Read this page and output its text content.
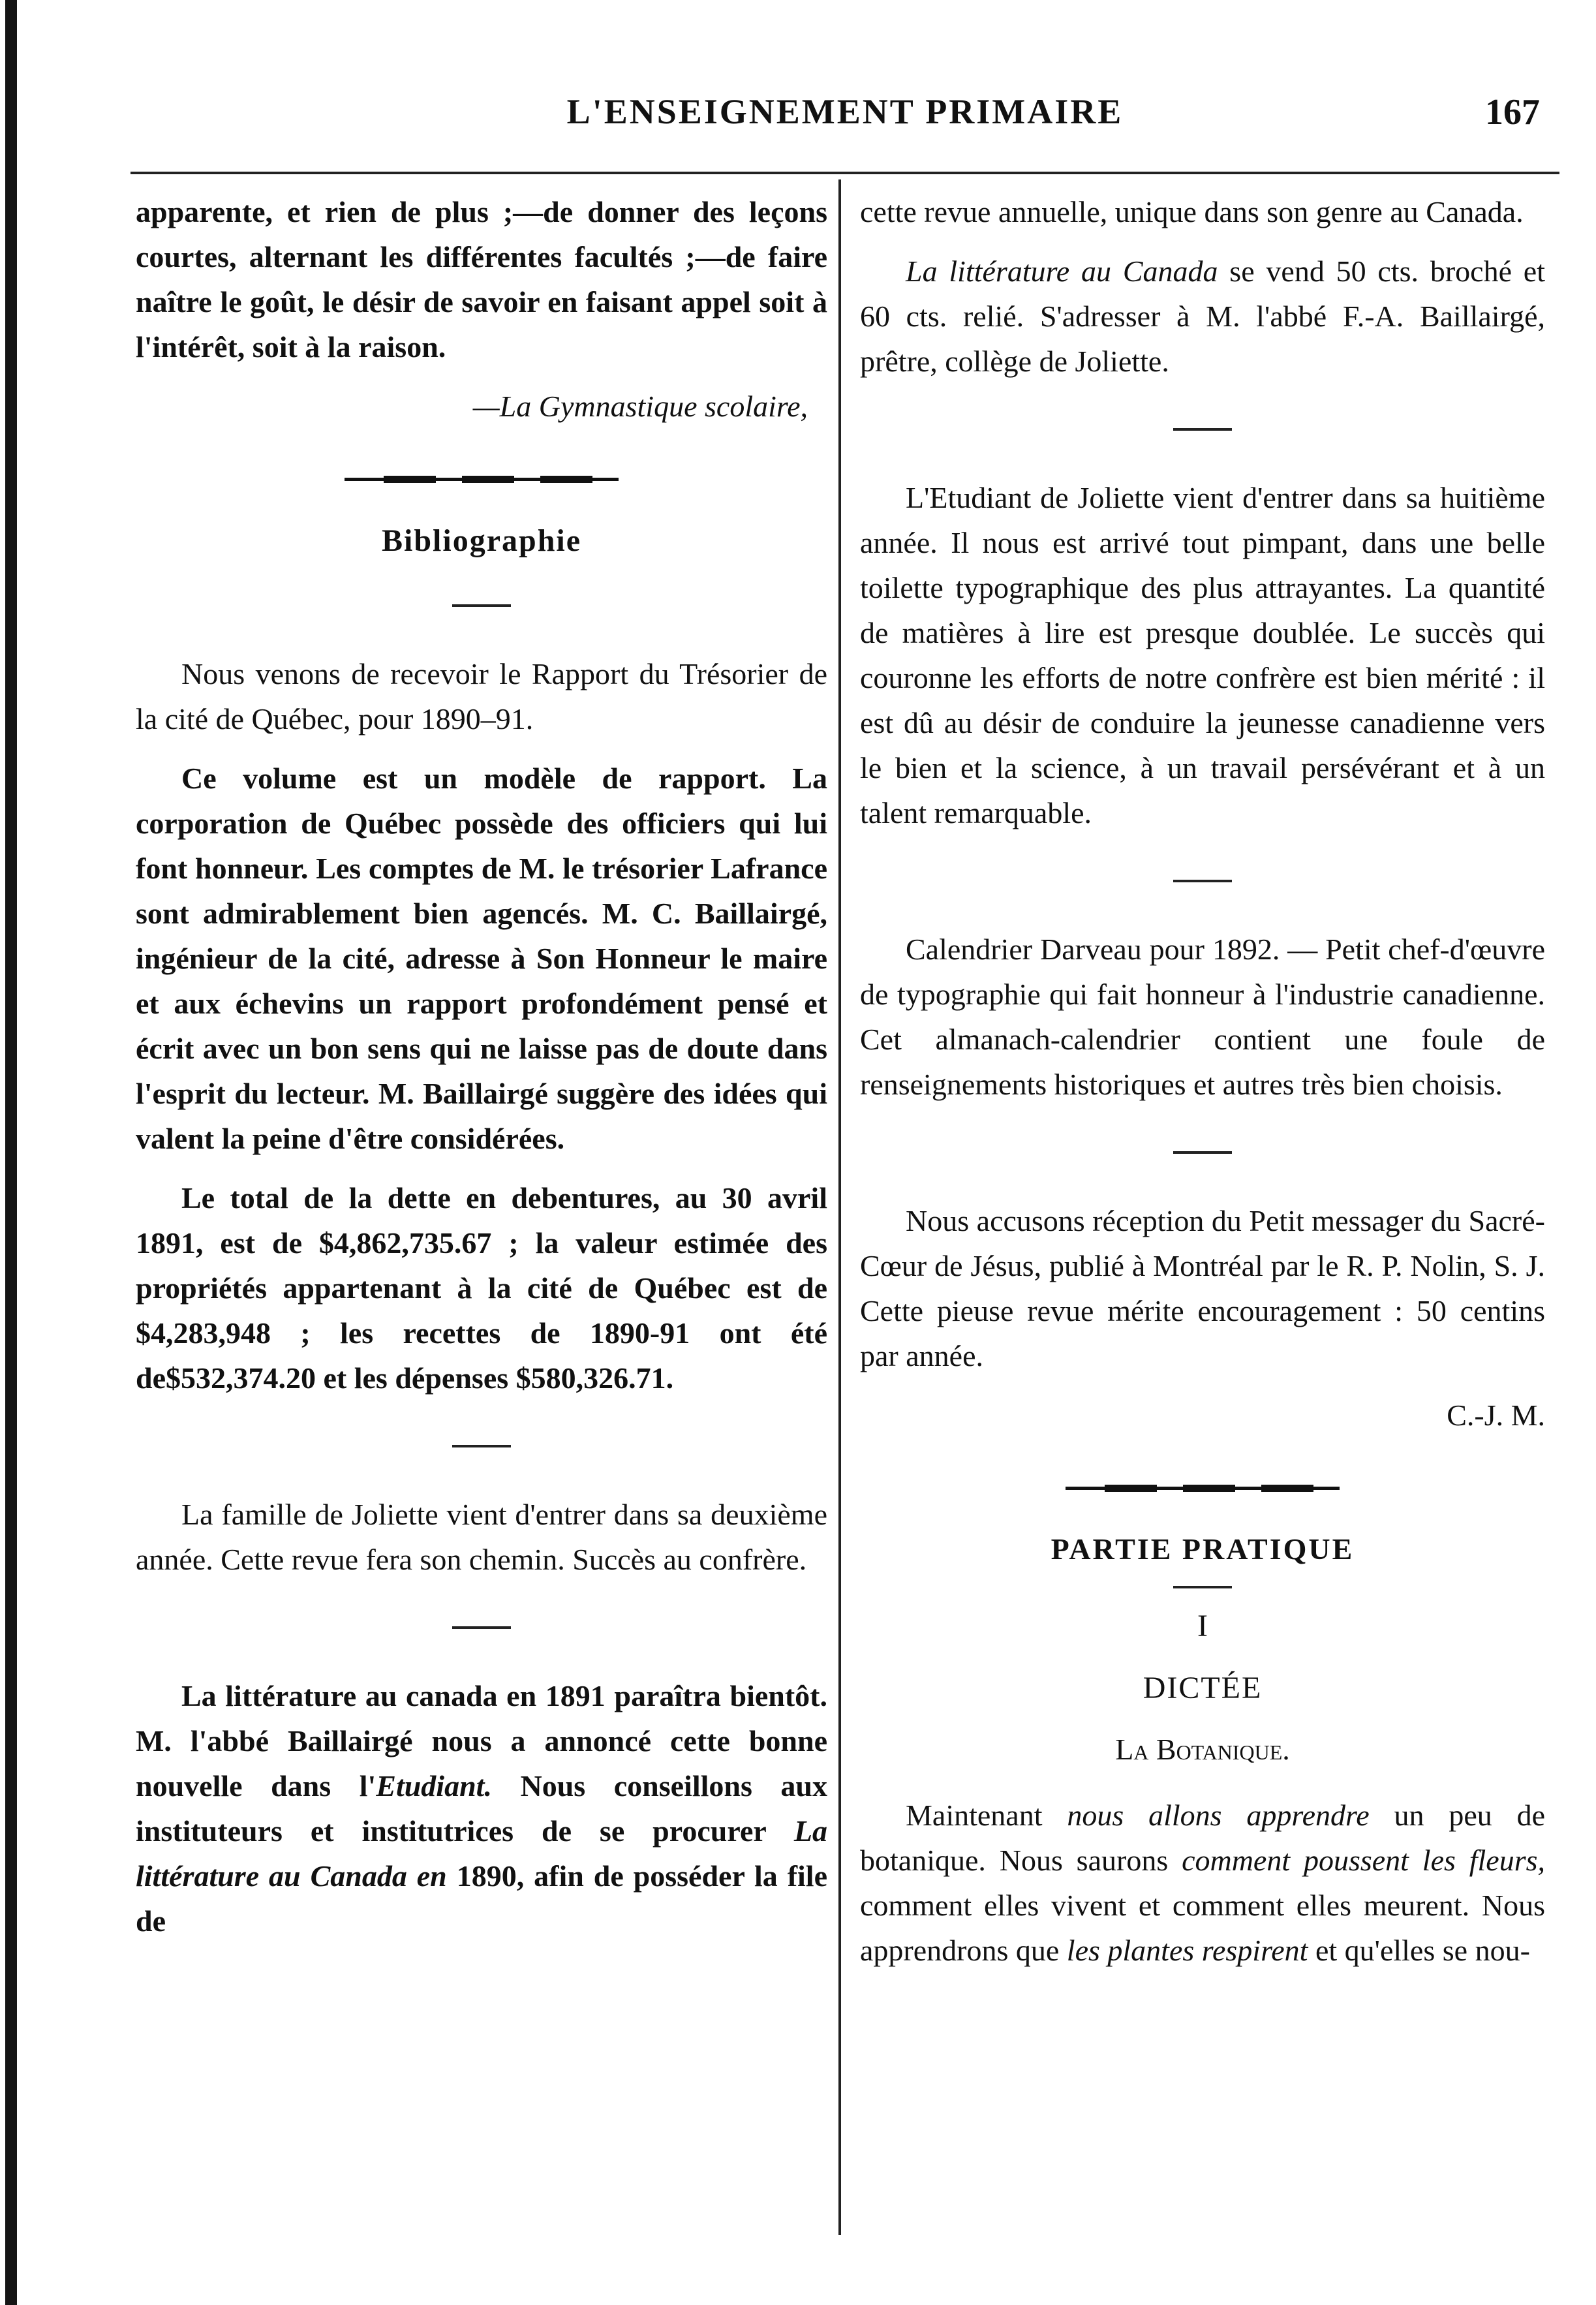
L'ENSEIGNEMENT PRIMAIRE	167

apparente, et rien de plus ;—de donner des leçons courtes, alternant les différentes facultés ;—de faire naître le goût, le désir de savoir en faisant appel soit à l'intérêt, soit à la raison.

—La Gymnastique scolaire,
Bibliographie

Nous venons de recevoir le Rapport du Trésorier de la cité de Québec, pour 1890–91.

Ce volume est un modèle de rapport. La corporation de Québec possède des officiers qui lui font honneur. Les comptes de M. le trésorier Lafrance sont admirablement bien agencés. M. C. Baillairgé, ingénieur de la cité, adresse à Son Honneur le maire et aux échevins un rapport profondément pensé et écrit avec un bon sens qui ne laisse pas de doute dans l'esprit du lecteur. M. Baillairgé suggère des idées qui valent la peine d'être considérées.

Le total de la dette en debentures, au 30 avril 1891, est de $4,862,735.67 ; la valeur estimée des propriétés appartenant à la cité de Québec est de $4,283,948 ; les recettes de 1890-91 ont été de$532,374.20 et les dépenses $580,326.71.

La famille de Joliette vient d'entrer dans sa deuxième année. Cette revue fera son chemin. Succès au confrère.

La littérature au canada en 1891 paraîtra bientôt. M. l'abbé Baillairgé nous a annoncé cette bonne nouvelle dans l'Etudiant. Nous conseillons aux instituteurs et institutrices de se procurer La littérature au Canada en 1890, afin de posséder la file de

cette revue annuelle, unique dans son genre au Canada.

La littérature au Canada se vend 50 cts. broché et 60 cts. relié. S'adresser à M. l'abbé F.-A. Baillairgé, prêtre, collège de Joliette.

L'Etudiant de Joliette vient d'entrer dans sa huitième année. Il nous est arrivé tout pimpant, dans une belle toilette typographique des plus attrayantes. La quantité de matières à lire est presque doublée. Le succès qui couronne les efforts de notre confrère est bien mérité : il est dû au désir de conduire la jeunesse canadienne vers le bien et la science, à un travail persévérant et à un talent remarquable.

Calendrier Darveau pour 1892. — Petit chef-d'œuvre de typographie qui fait honneur à l'industrie canadienne. Cet almanach-calendrier contient une foule de renseignements historiques et autres très bien choisis.

Nous accusons réception du Petit messager du Sacré-Cœur de Jésus, publié à Montréal par le R. P. Nolin, S. J. Cette pieuse revue mérite encouragement : 50 centins par année.

C.-J. M.

PARTIE PRATIQUE
I
DICTÉE
La Botanique.

Maintenant nous allons apprendre un peu de botanique. Nous saurons comment poussent les fleurs, comment elles vivent et comment elles meurent. Nous apprendrons que les plantes respirent et qu'elles se nou-
